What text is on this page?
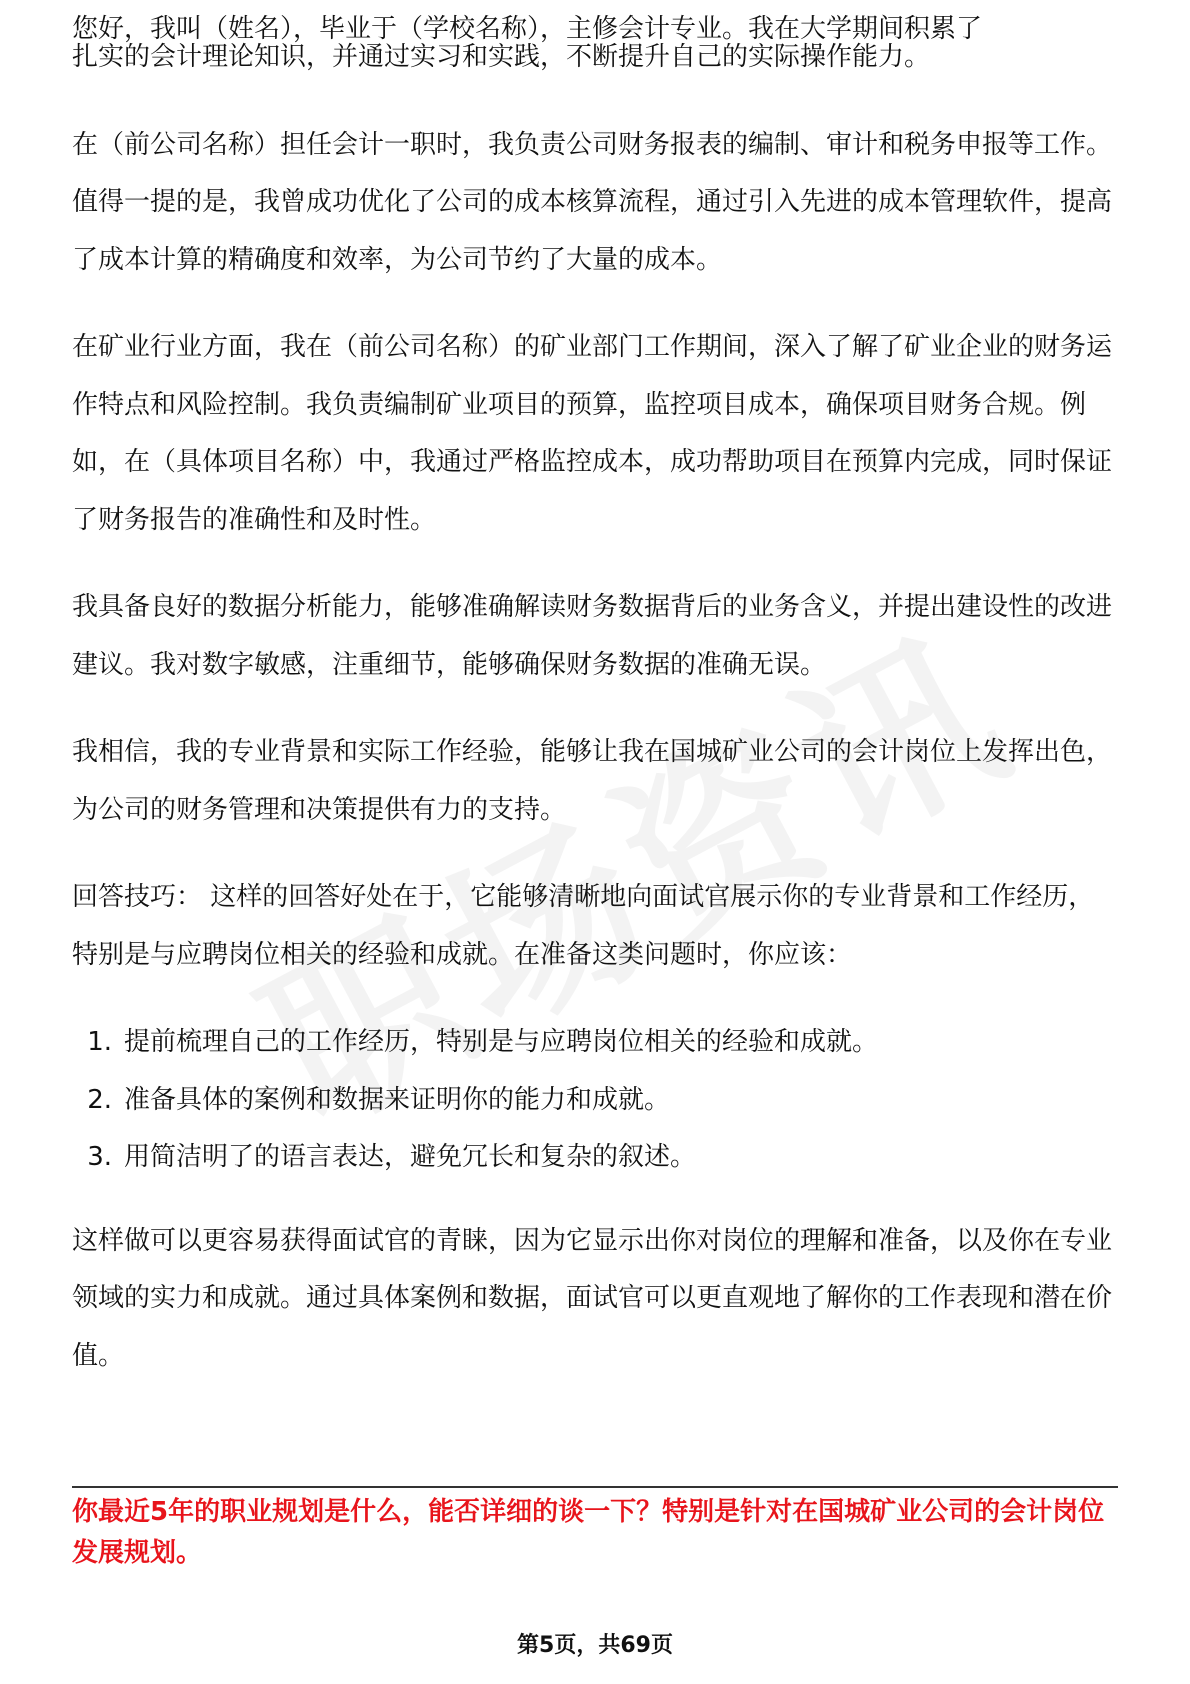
您好，我叫（姓名），毕业于（学校名称），主修会计专业。我在大学期间积累了

扎实的会计理论知识，并通过实习和实践，不断提升自己的实际操作能力。

在（前公司名称）担任会计一职时，我负责公司财务报表的编制、审计和税务申报等工作。值得一提的是，我曾成功优化了公司的成本核算流程，通过引入先进的成本管理软件，提高了成本计算的精确度和效率，为公司节约了大量的成本。

在矿业行业方面，我在（前公司名称）的矿业部门工作期间，深入了解了矿业企业的财务运作特点和风险控制。我负责编制矿业项目的预算，监控项目成本，确保项目财务合规。例如，在（具体项目名称）中，我通过严格监控成本，成功帮助项目在预算内完成，同时保证了财务报告的准确性和及时性。

我具备良好的数据分析能力，能够准确解读财务数据背后的业务含义，并提出建设性的改进建议。我对数字敏感，注重细节，能够确保财务数据的准确无误。

我相信，我的专业背景和实际工作经验，能够让我在国城矿业公司的会计岗位上发挥出色，为公司的财务管理和决策提供有力的支持。

回答技巧： 这样的回答好处在于，它能够清晰地向面试官展示你的专业背景和工作经历，特别是与应聘岗位相关的经验和成就。在准备这类问题时，你应该：

1. 提前梳理自己的工作经历，特别是与应聘岗位相关的经验和成就。
2. 准备具体的案例和数据来证明你的能力和成就。
3. 用简洁明了的语言表达，避免冗长和复杂的叙述。

这样做可以更容易获得面试官的青睐，因为它显示出你对岗位的理解和准备，以及你在专业领域的实力和成就。通过具体案例和数据，面试官可以更直观地了解你的工作表现和潜在价值。

你最近5年的职业规划是什么，能否详细的谈一下？特别是针对在国城矿业公司的会计岗位发展规划。

第5页，共69页
